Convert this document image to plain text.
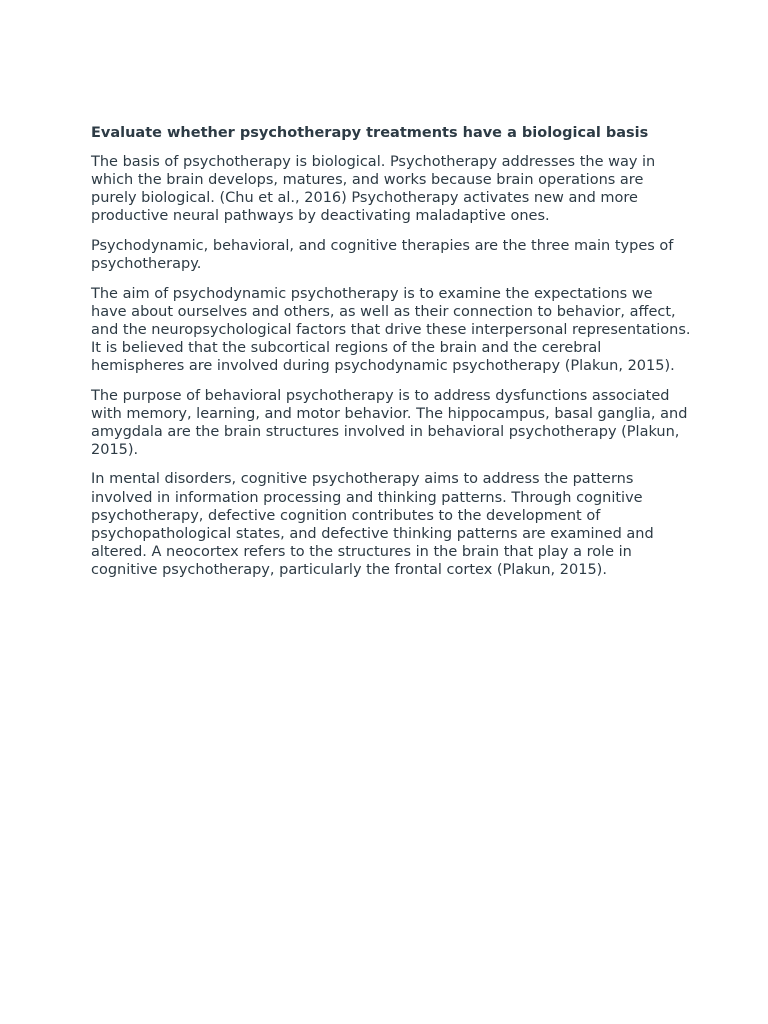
Evaluate whether psychotherapy treatments have a biological basis

The basis of psychotherapy is biological. Psychotherapy addresses the way in which the brain develops, matures, and works because brain operations are purely biological. (Chu et al., 2016) Psychotherapy activates new and more productive neural pathways by deactivating maladaptive ones.

Psychodynamic, behavioral, and cognitive therapies are the three main types of psychotherapy.

The aim of psychodynamic psychotherapy is to examine the expectations we have about ourselves and others, as well as their connection to behavior, affect, and the neuropsychological factors that drive these interpersonal representations. It is believed that the subcortical regions of the brain and the cerebral hemispheres are involved during psychodynamic psychotherapy (Plakun, 2015).

The purpose of behavioral psychotherapy is to address dysfunctions associated with memory, learning, and motor behavior. The hippocampus, basal ganglia, and amygdala are the brain structures involved in behavioral psychotherapy (Plakun, 2015).

In mental disorders, cognitive psychotherapy aims to address the patterns involved in information processing and thinking patterns. Through cognitive psychotherapy, defective cognition contributes to the development of psychopathological states, and defective thinking patterns are examined and altered. A neocortex refers to the structures in the brain that play a role in cognitive psychotherapy, particularly the frontal cortex (Plakun, 2015).
